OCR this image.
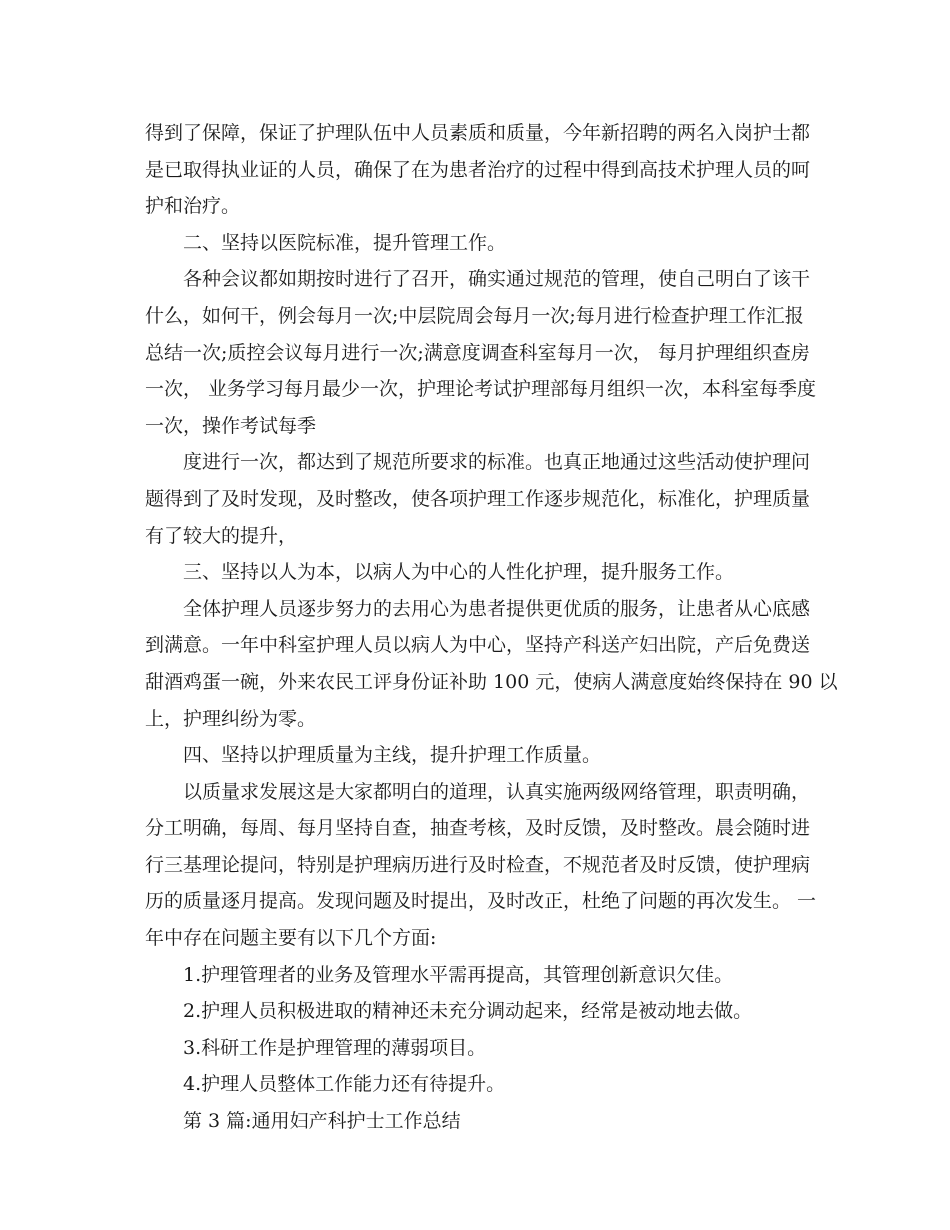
得到了保障，保证了护理队伍中人员素质和质量，今年新招聘的两名入岗护士都
是已取得执业证的人员，确保了在为患者治疗的过程中得到高技术护理人员的呵
护和治疗。
二、坚持以医院标准，提升管理工作。
各种会议都如期按时进行了召开，确实通过规范的管理，使自己明白了该干
什么，如何干，例会每月一次;中层院周会每月一次;每月进行检查护理工作汇报
总结一次;质控会议每月进行一次;满意度调查科室每月一次， 每月护理组织查房
一次， 业务学习每月最少一次，护理论考试护理部每月组织一次，本科室每季度
一次，操作考试每季
度进行一次，都达到了规范所要求的标准。也真正地通过这些活动使护理问
题得到了及时发现，及时整改，使各项护理工作逐步规范化，标准化，护理质量
有了较大的提升，
三、坚持以人为本，以病人为中心的人性化护理，提升服务工作。
全体护理人员逐步努力的去用心为患者提供更优质的服务，让患者从心底感
到满意。一年中科室护理人员以病人为中心，坚持产科送产妇出院，产后免费送
甜酒鸡蛋一碗，外来农民工评身份证补助 100 元，使病人满意度始终保持在 90 以
上，护理纠纷为零。
四、坚持以护理质量为主线，提升护理工作质量。
以质量求发展这是大家都明白的道理，认真实施两级网络管理，职责明确，
分工明确，每周、每月坚持自查，抽查考核，及时反馈，及时整改。晨会随时进
行三基理论提问，特别是护理病历进行及时检查，不规范者及时反馈，使护理病
历的质量逐月提高。发现问题及时提出，及时改正，杜绝了问题的再次发生。 一
年中存在问题主要有以下几个方面:
1.护理管理者的业务及管理水平需再提高，其管理创新意识欠佳。
2.护理人员积极进取的精神还未充分调动起来，经常是被动地去做。
3.科研工作是护理管理的薄弱项目。
4.护理人员整体工作能力还有待提升。
第 3 篇:通用妇产科护士工作总结
